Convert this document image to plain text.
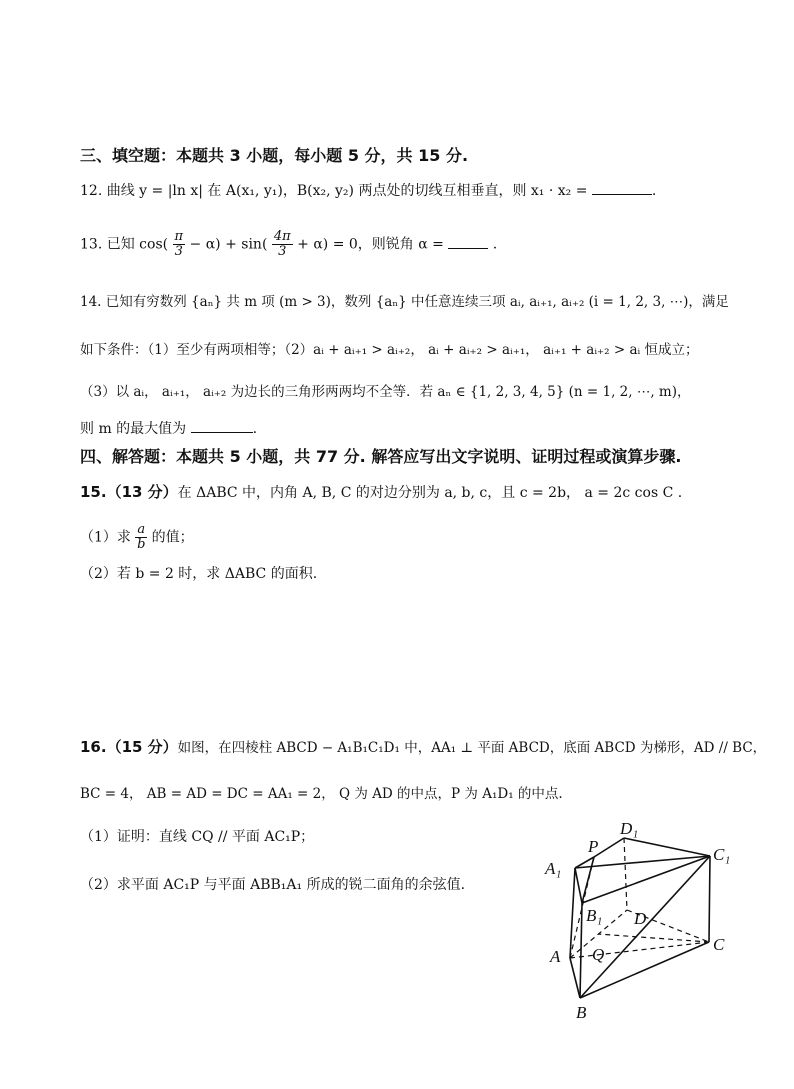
三、填空题：本题共 3 小题，每小题 5 分，共 15 分.
12. 曲线 y = |ln x| 在 A(x₁, y₁)，B(x₂, y₂) 两点处的切线互相垂直，则 x₁ · x₂ =	.
13. 已知 $\cos( \frac{\pi}{3} - \alpha) + \sin( \frac{4\pi}{3} + \alpha) = 0$，则锐角 α =	.
14. 已知有穷数列 {aₙ} 共 m 项 (m > 3)，数列 {aₙ} 中任意连续三项 aᵢ, aᵢ₊₁, aᵢ₊₂ (i = 1, 2, 3, ⋯)，满足
如下条件：（1）至少有两项相等；（2）aᵢ + aᵢ₊₁ > aᵢ₊₂， aᵢ + aᵢ₊₂ > aᵢ₊₁， aᵢ₊₁ + aᵢ₊₂ > aᵢ 恒成立；
（3）以 aᵢ， aᵢ₊₁， aᵢ₊₂ 为边长的三角形两两均不全等．若 aₙ ∈ {1, 2, 3, 4, 5} (n = 1, 2, ⋯, m)，
则 m 的最大值为	.
四、解答题：本题共 5 小题，共 77 分. 解答应写出文字说明、证明过程或演算步骤.
15.（13 分）在 ΔABC 中，内角 A, B, C 的对边分别为 a, b, c，且 c = 2b， a = 2c cos C .
（1）求 $\frac{a}{b}$ 的值；
（2）若 b = 2 时，求 ΔABC 的面积.
16.（15 分）如图，在四棱柱 ABCD − A₁B₁C₁D₁ 中，AA₁ ⊥ 平面 ABCD，底面 ABCD 为梯形，AD // BC，
BC = 4， AB = AD = DC = AA₁ = 2， Q 为 AD 的中点，P 为 A₁D₁ 的中点.
（1）证明：直线 CQ // 平面 AC₁P；
（2）求平面 AC₁P 与平面 ABB₁A₁ 所成的锐二面角的余弦值.
P
D₁
A₁
C₁
B₁ D
A Q
C
B
